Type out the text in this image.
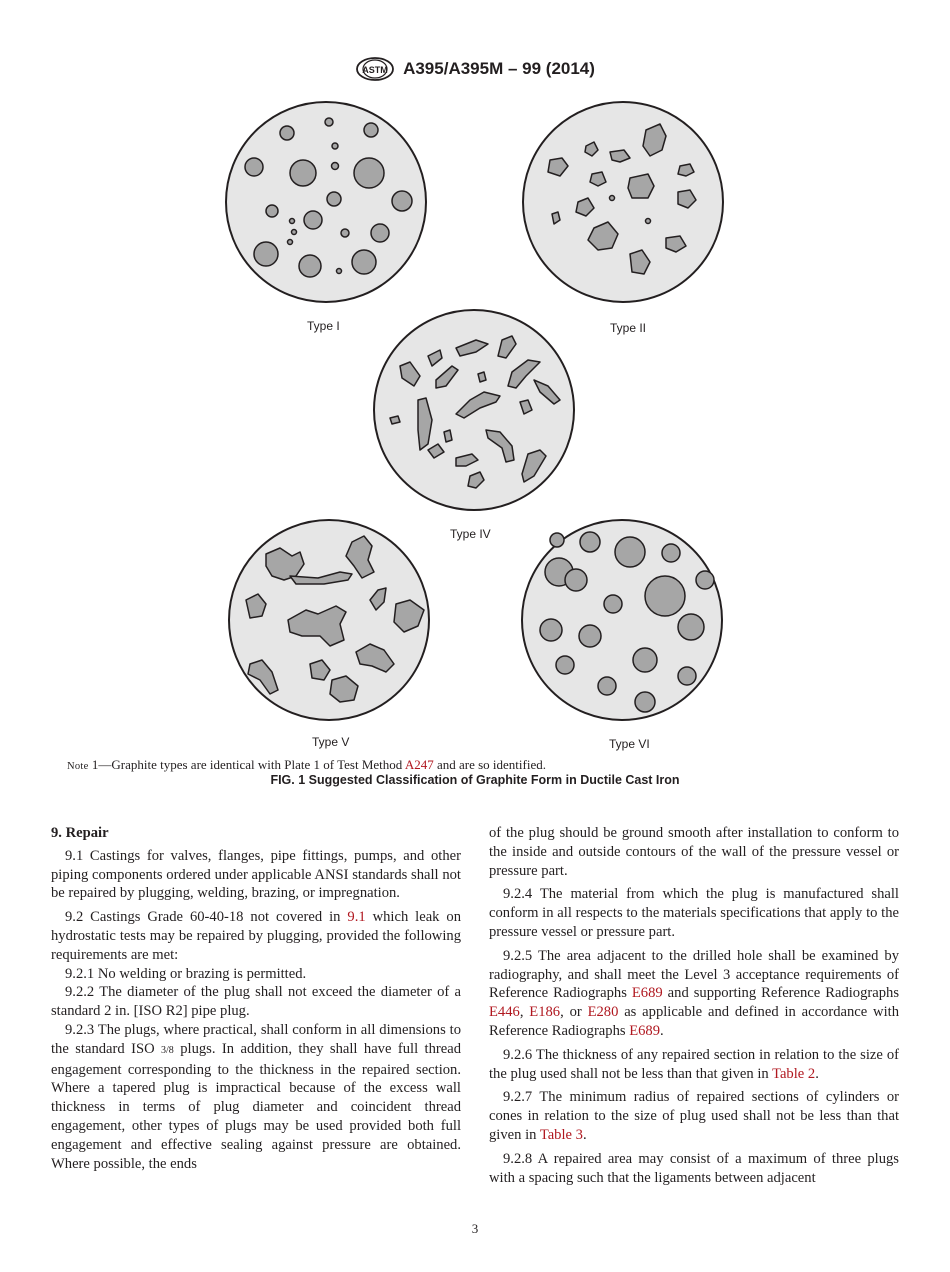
ASTM A395/A395M – 99 (2014)
Type I	Type II
Type IV
Type V	Type VI
Note 1—Graphite types are identical with Plate 1 of Test Method A247 and are so identified.
FIG. 1 Suggested Classification of Graphite Form in Ductile Cast Iron
9. Repair

9.1 Castings for valves, flanges, pipe fittings, pumps, and other piping components ordered under applicable ANSI standards shall not be repaired by plugging, welding, brazing, or impregnation.

9.2 Castings Grade 60-40-18 not covered in 9.1 which leak on hydrostatic tests may be repaired by plugging, provided the following requirements are met:

9.2.1 No welding or brazing is permitted.

9.2.2 The diameter of the plug shall not exceed the diameter of a standard 2 in. [ISO R2] pipe plug.

9.2.3 The plugs, where practical, shall conform in all dimensions to the standard ISO 3/8 plugs. In addition, they shall have full thread engagement corresponding to the thickness in the repaired section. Where a tapered plug is impractical because of the excess wall thickness in terms of plug diameter and coincident thread engagement, other types of plugs may be used provided both full engagement and effective sealing against pressure are obtained. Where possible, the ends

of the plug should be ground smooth after installation to conform to the inside and outside contours of the wall of the pressure vessel or pressure part.

9.2.4 The material from which the plug is manufactured shall conform in all respects to the materials specifications that apply to the pressure vessel or pressure part.

9.2.5 The area adjacent to the drilled hole shall be examined by radiography, and shall meet the Level 3 acceptance requirements of Reference Radiographs E689 and supporting Reference Radiographs E446, E186, or E280 as applicable and defined in accordance with Reference Radiographs E689.

9.2.6 The thickness of any repaired section in relation to the size of the plug used shall not be less than that given in Table 2.

9.2.7 The minimum radius of repaired sections of cylinders or cones in relation to the size of plug used shall not be less than that given in Table 3.

9.2.8 A repaired area may consist of a maximum of three plugs with a spacing such that the ligaments between adjacent

3
